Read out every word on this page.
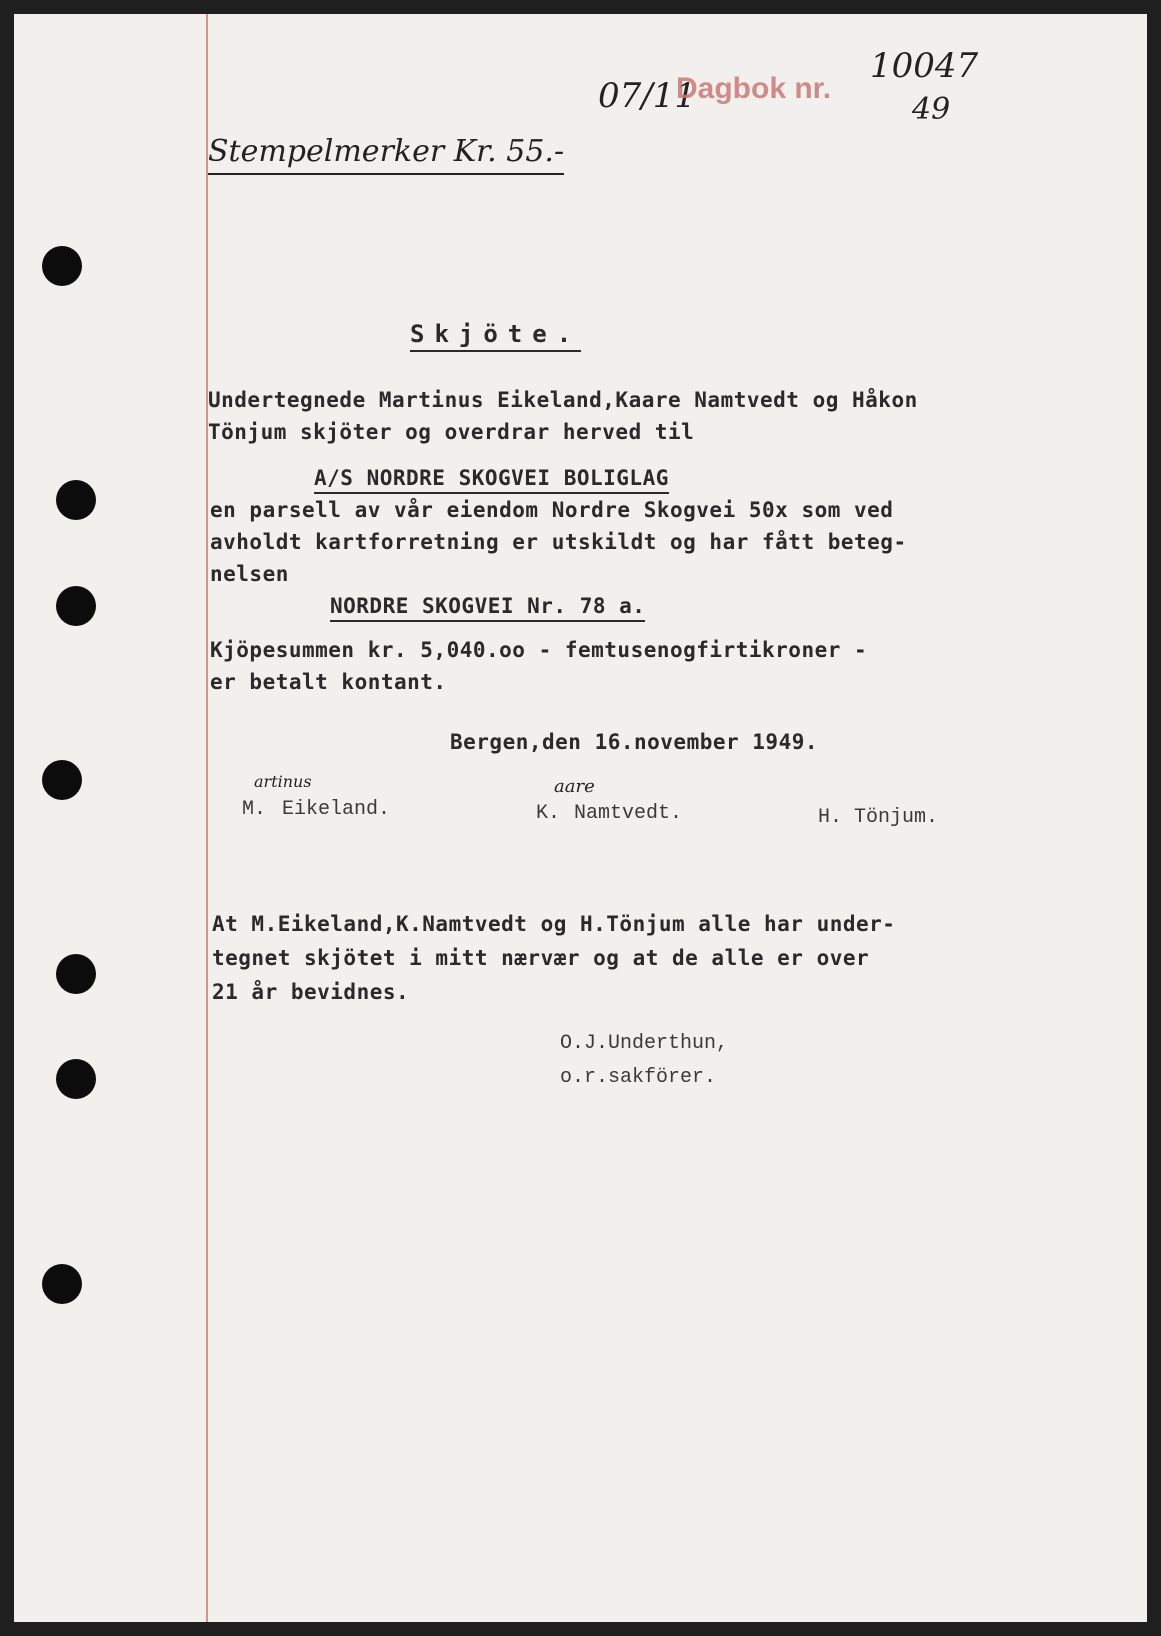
07/11
Dagbok nr.
10047
49
Stempelmerker Kr. 55.-
Skjöte.
Undertegnede Martinus Eikeland,Kaare Namtvedt og Håkon
Tönjum skjöter og overdrar herved til
A/S NORDRE SKOGVEI BOLIGLAG
en parsell av vår eiendom Nordre Skogvei 50x som ved
avholdt kartforretning er utskildt og har fått beteg-
nelsen
NORDRE SKOGVEI Nr. 78 a.
Kjöpesummen kr. 5,040.oo - femtusenogfirtikroner -
er betalt kontant.
Bergen,den 16.november 1949.
M.
artinus
Eikeland.	K.
aare
Namtvedt.	H. Tönjum.
At M.Eikeland,K.Namtvedt og H.Tönjum alle har under-
tegnet skjötet i mitt nærvær og at de alle er over
21 år bevidnes.
O.J.Underthun,
o.r.sakförer.
